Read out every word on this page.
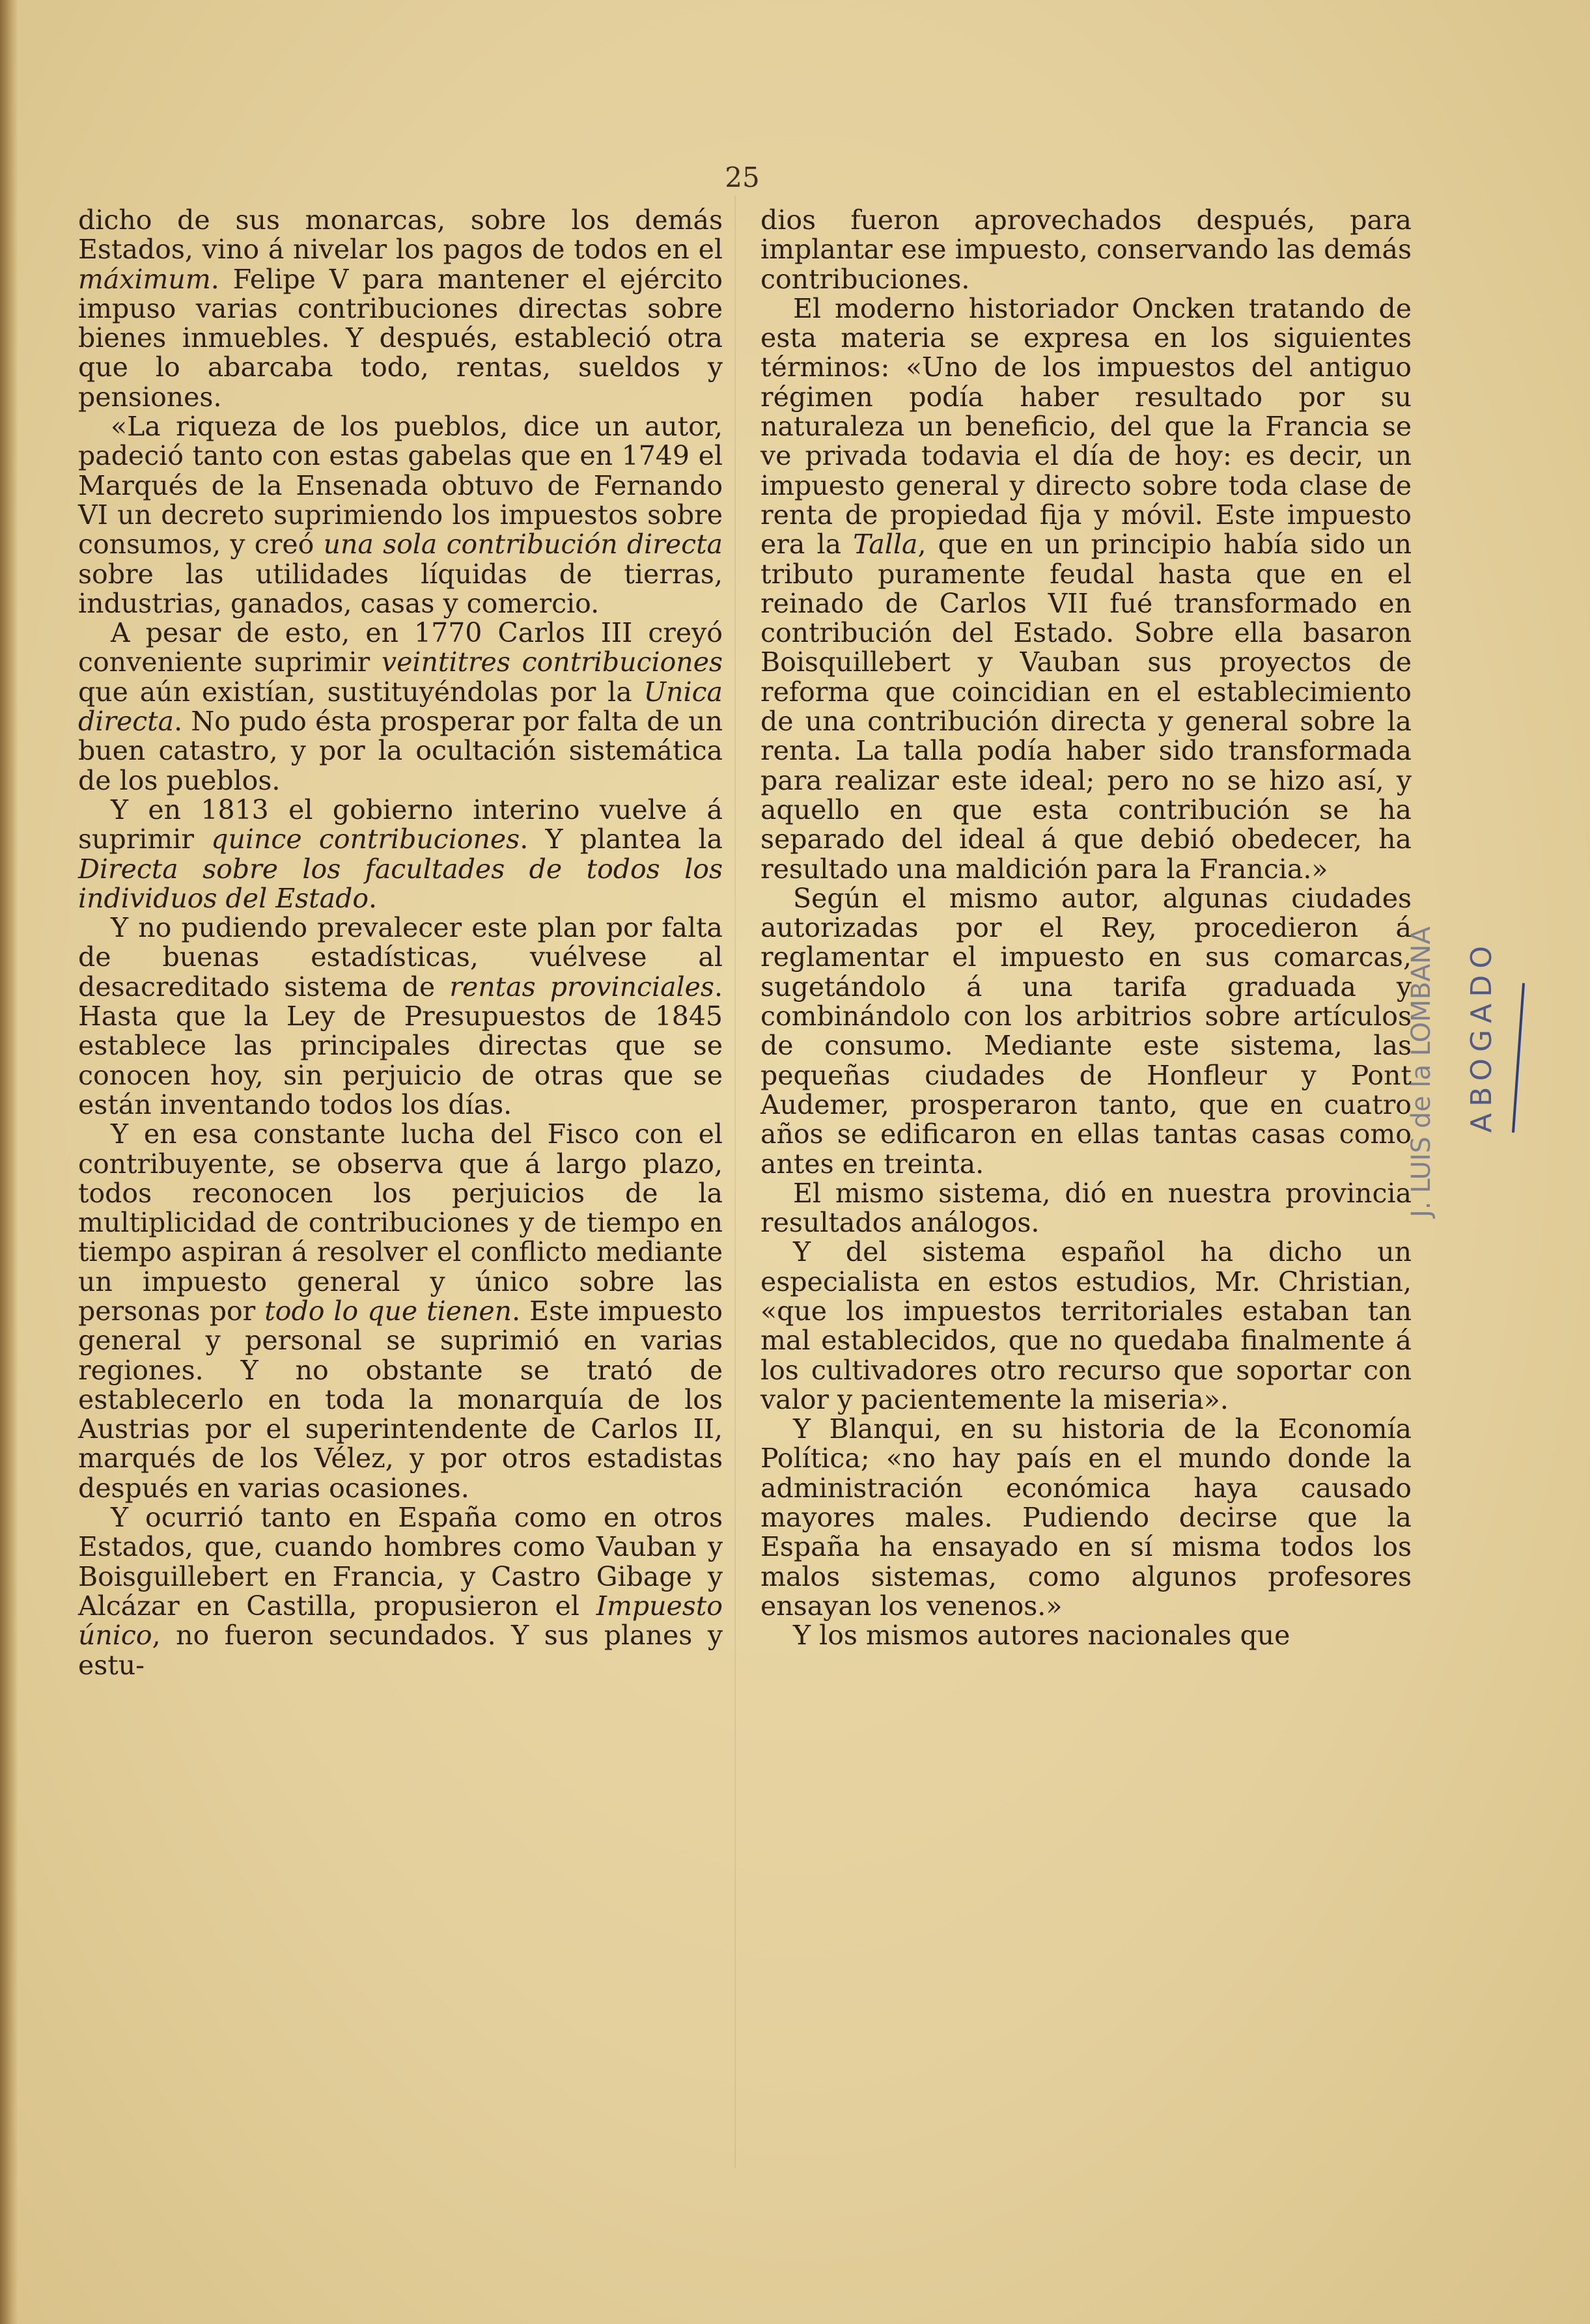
25

dicho de sus monarcas, sobre los demás Estados, vino á nivelar los pagos de todos en el máximum. Felipe V para mantener el ejército impuso varias contribuciones directas sobre bienes inmuebles. Y después, estableció otra que lo abarcaba todo, rentas, sueldos y pensiones.

«La riqueza de los pueblos, dice un autor, padeció tanto con estas gabelas que en 1749 el Marqués de la Ensenada obtuvo de Fernando VI un decreto suprimiendo los impuestos sobre consumos, y creó una sola contribución directa sobre las utilidades líquidas de tierras, industrias, ganados, casas y comercio.

A pesar de esto, en 1770 Carlos III creyó conveniente suprimir veintitres contribuciones que aún existían, sustituyéndolas por la Unica directa. No pudo ésta prosperar por falta de un buen catastro, y por la ocultación sistemática de los pueblos.

Y en 1813 el gobierno interino vuelve á suprimir quince contribuciones. Y plantea la Directa sobre los facultades de todos los individuos del Estado.

Y no pudiendo prevalecer este plan por falta de buenas estadísticas, vuélvese al desacreditado sistema de rentas provinciales. Hasta que la Ley de Presupuestos de 1845 establece las principales directas que se conocen hoy, sin perjuicio de otras que se están inventando todos los días.

Y en esa constante lucha del Fisco con el contribuyente, se observa que á largo plazo, todos reconocen los perjuicios de la multiplicidad de contribuciones y de tiempo en tiempo aspiran á resolver el conflicto mediante un impuesto general y único sobre las personas por todo lo que tienen. Este impuesto general y personal se suprimió en varias regiones. Y no obstante se trató de establecerlo en toda la monarquía de los Austrias por el superintendente de Carlos II, marqués de los Vélez, y por otros estadistas después en varias ocasiones.

Y ocurrió tanto en España como en otros Estados, que, cuando hombres como Vauban y Boisguillebert en Francia, y Castro Gibage y Alcázar en Castilla, propusieron el Impuesto único, no fueron secundados. Y sus planes y estu-

dios fueron aprovechados después, para implantar ese impuesto, conservando las demás contribuciones.

El moderno historiador Oncken tratando de esta materia se expresa en los siguientes términos: «Uno de los impuestos del antiguo régimen podía haber resultado por su naturaleza un beneficio, del que la Francia se ve privada todavia el día de hoy: es decir, un impuesto general y directo sobre toda clase de renta de propiedad fija y móvil. Este impuesto era la Talla, que en un principio había sido un tributo puramente feudal hasta que en el reinado de Carlos VII fué transformado en contribución del Estado. Sobre ella basaron Boisquillebert y Vauban sus proyectos de reforma que coincidian en el establecimiento de una contribución directa y general sobre la renta. La talla podía haber sido transformada para realizar este ideal; pero no se hizo así, y aquello en que esta contribución se ha separado del ideal á que debió obedecer, ha resultado una maldición para la Francia.»

Según el mismo autor, algunas ciudades autorizadas por el Rey, procedieron á reglamentar el impuesto en sus comarcas, sugetándolo á una tarifa graduada y combinándolo con los arbitrios sobre artículos de consumo. Mediante este sistema, las pequeñas ciudades de Honfleur y Pont Audemer, prosperaron tanto, que en cuatro años se edificaron en ellas tantas casas como antes en treinta.

El mismo sistema, dió en nuestra provincia resultados análogos.

Y del sistema español ha dicho un especialista en estos estudios, Mr. Christian, «que los impuestos territoriales estaban tan mal establecidos, que no quedaba finalmente á los cultivadores otro recurso que soportar con valor y pacientemente la miseria».

Y Blanqui, en su historia de la Economía Política; «no hay país en el mundo donde la administración económica haya causado mayores males. Pudiendo decirse que la España ha ensayado en sí misma todos los malos sistemas, como algunos profesores ensayan los venenos.»

Y los mismos autores nacionales que

J. LUIS de la LOMBANA ABOGADO
